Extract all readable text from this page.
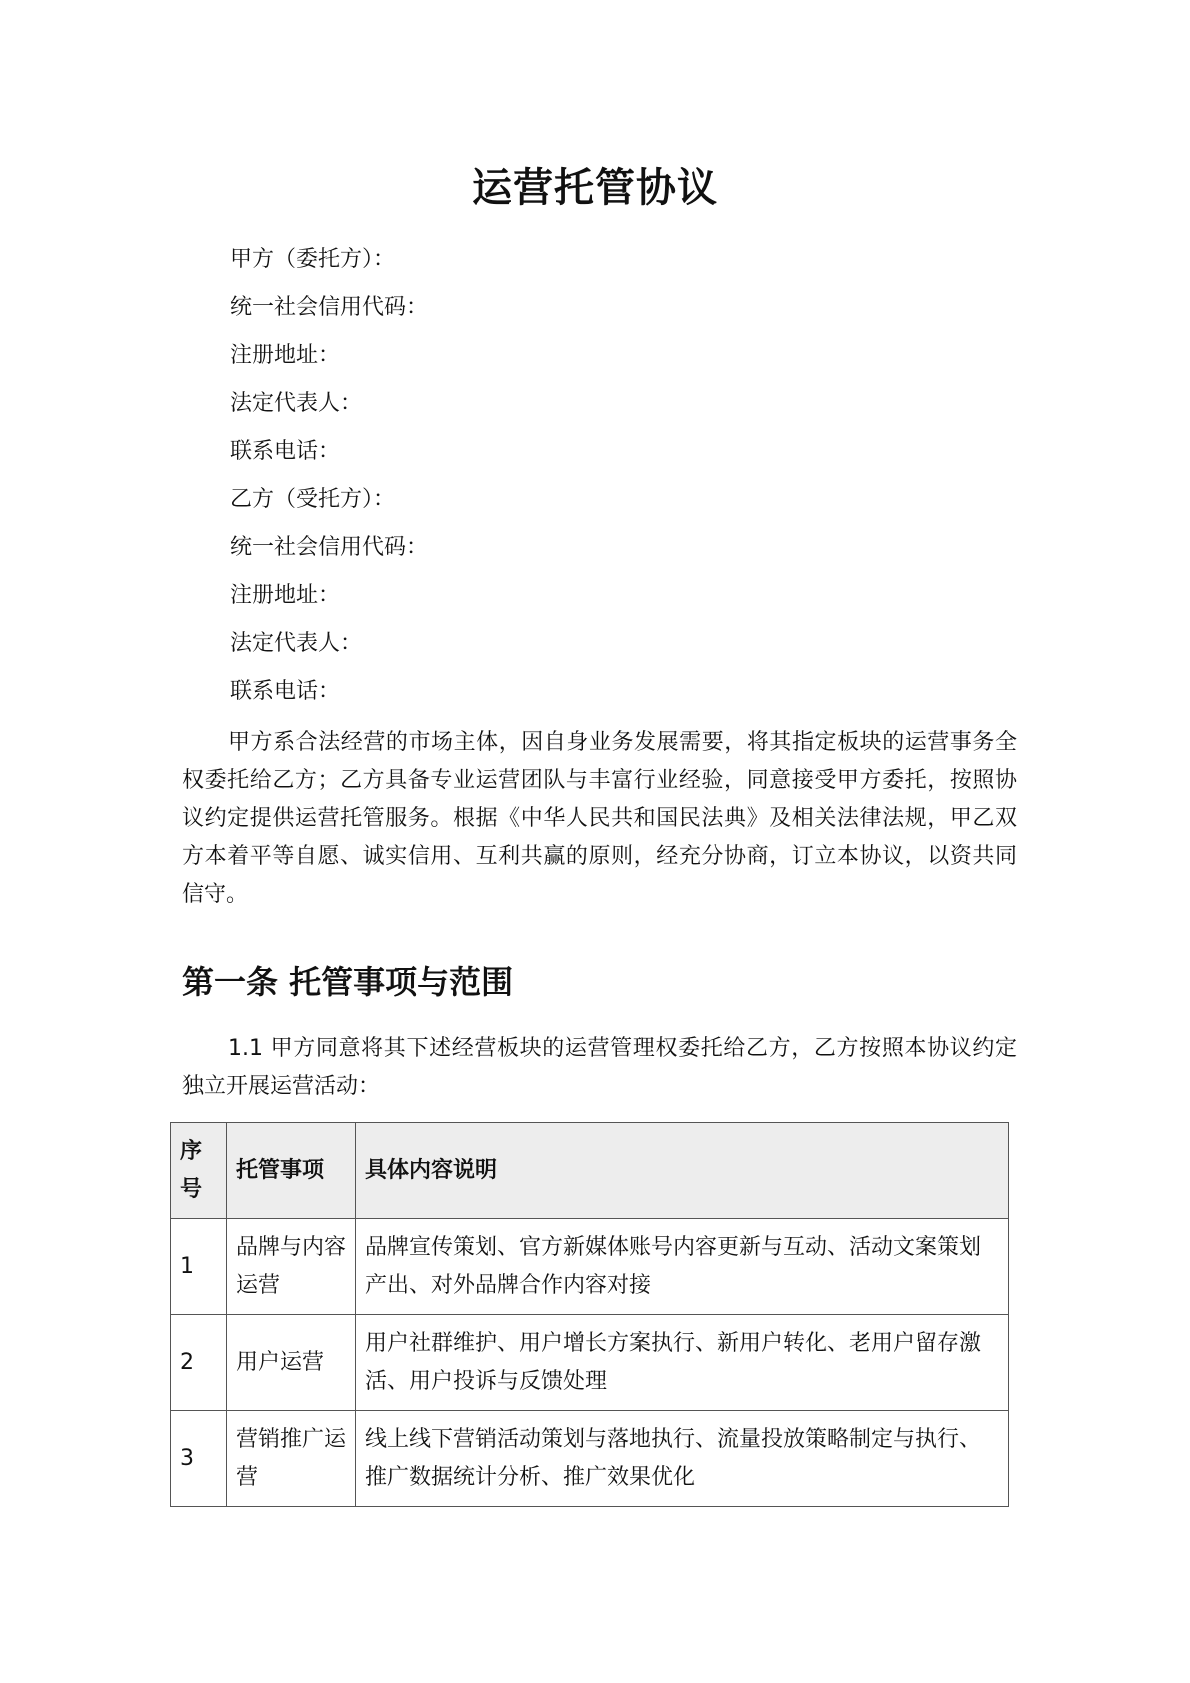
运营托管协议
甲方（委托方）：
统一社会信用代码：
注册地址：
法定代表人：
联系电话：
乙方（受托方）：
统一社会信用代码：
注册地址：
法定代表人：
联系电话：

甲方系合法经营的市场主体，因自身业务发展需要，将其指定板块的运营事务全权委托给乙方；乙方具备专业运营团队与丰富行业经验，同意接受甲方委托，按照协议约定提供运营托管服务。根据《中华人民共和国民法典》及相关法律法规，甲乙双方本着平等自愿、诚实信用、互利共赢的原则，经充分协商，订立本协议，以资共同信守。

第一条 托管事项与范围

1.1 甲方同意将其下述经营板块的运营管理权委托给乙方，乙方按照本协议约定独立开展运营活动：

序号	托管事项	具体内容说明
1	品牌与内容运营	品牌宣传策划、官方新媒体账号内容更新与互动、活动文案策划产出、对外品牌合作内容对接
2	用户运营	用户社群维护、用户增长方案执行、新用户转化、老用户留存激活、用户投诉与反馈处理
3	营销推广运营	线上线下营销活动策划与落地执行、流量投放策略制定与执行、推广数据统计分析、推广效果优化
